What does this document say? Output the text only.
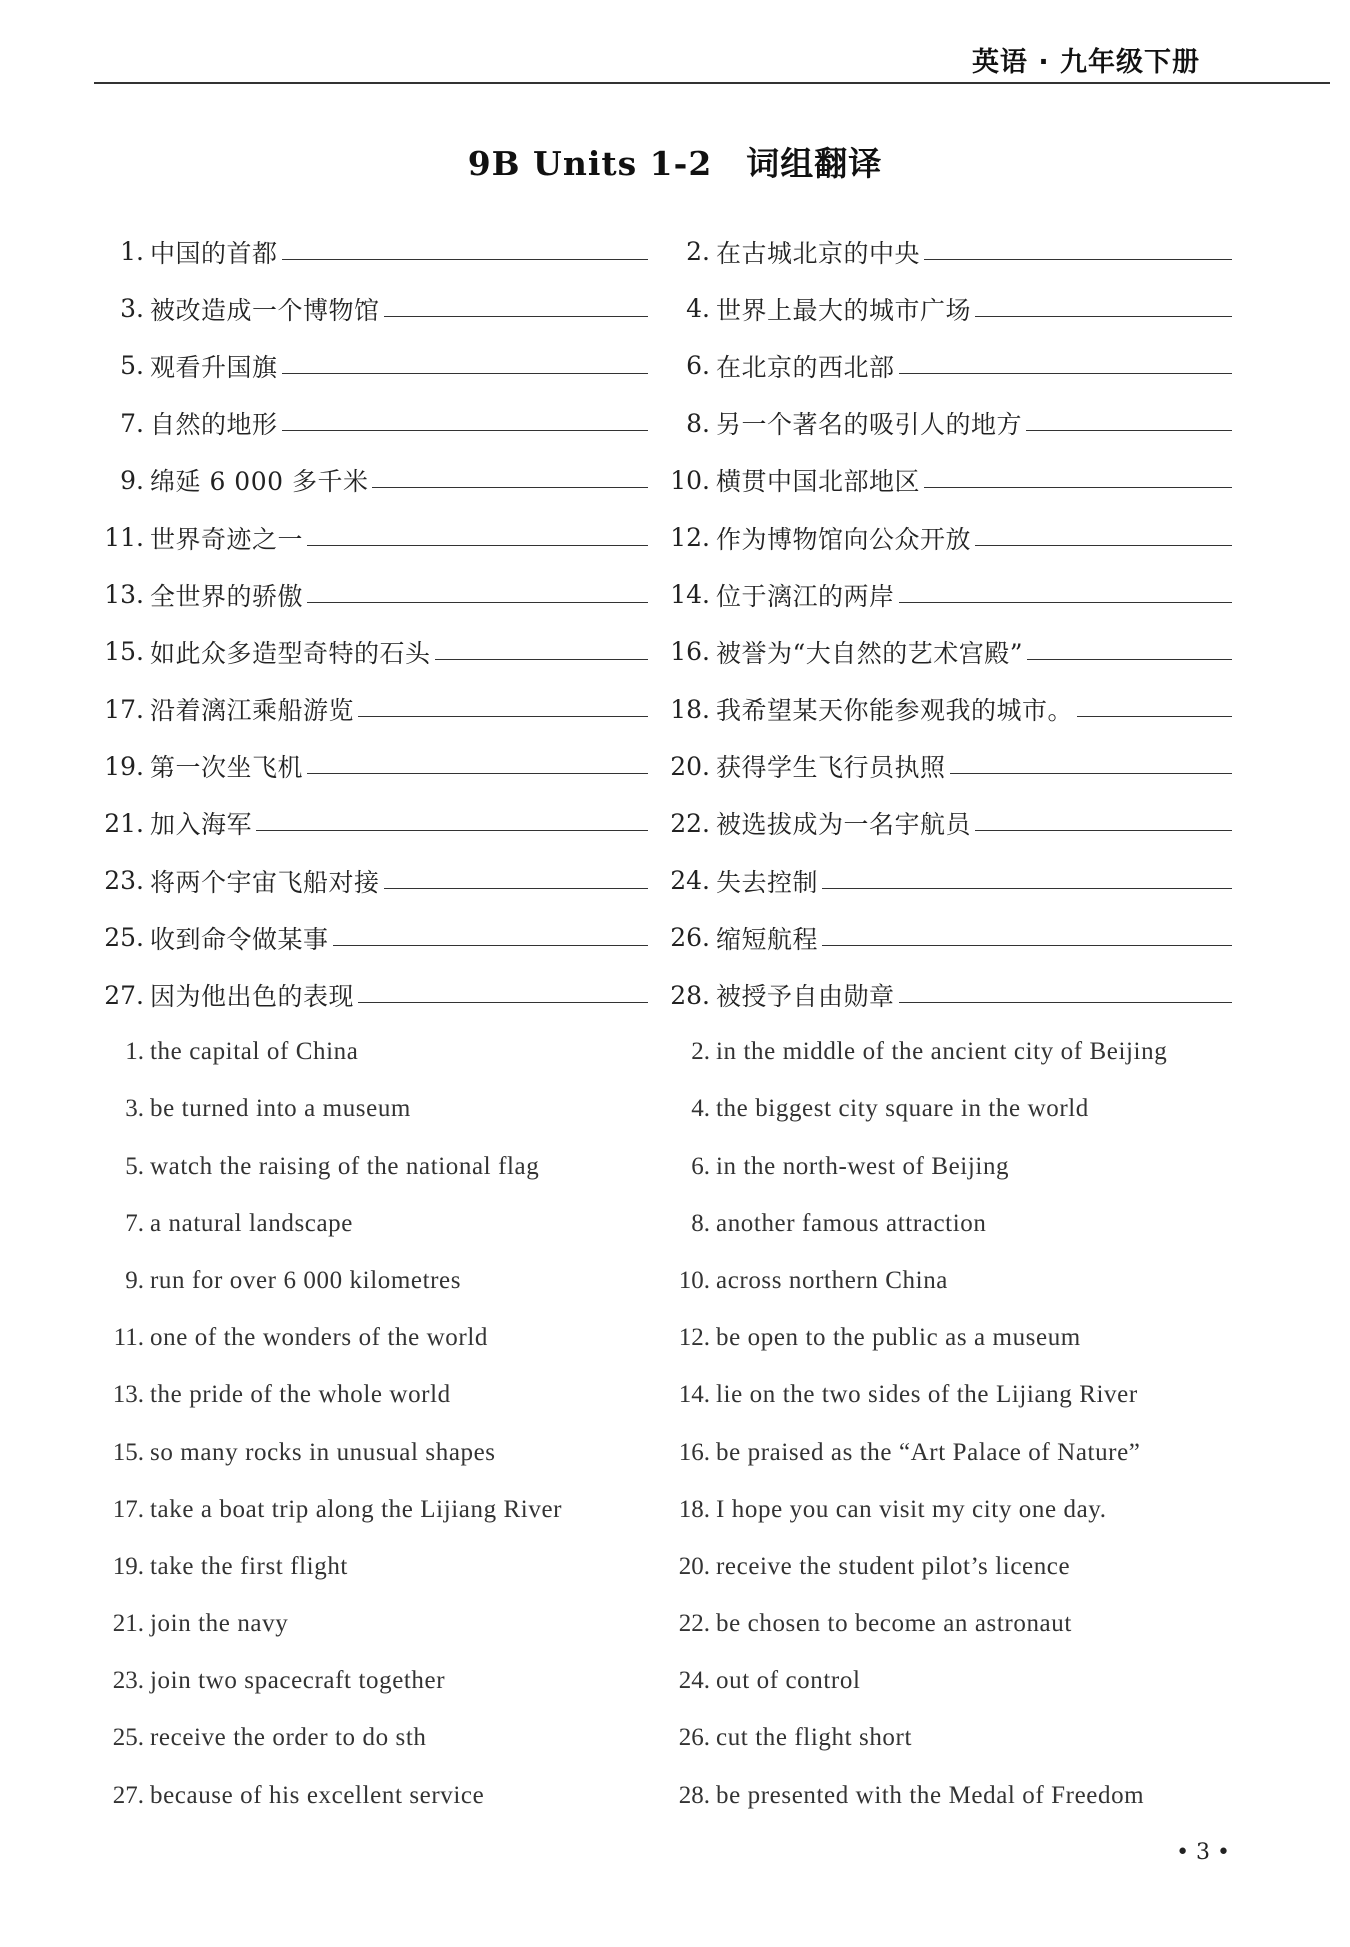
英语 · 九年级下册
9B Units 1-2　词组翻译
1. 中国的首都	2. 在古城北京的中央
3. 被改造成一个博物馆	4. 世界上最大的城市广场
5. 观看升国旗	6. 在北京的西北部
7. 自然的地形	8. 另一个著名的吸引人的地方
9. 绵延 6 000 多千米	10. 横贯中国北部地区
11. 世界奇迹之一	12. 作为博物馆向公众开放
13. 全世界的骄傲	14. 位于漓江的两岸
15. 如此众多造型奇特的石头	16. 被誉为“大自然的艺术宫殿”
17. 沿着漓江乘船游览	18. 我希望某天你能参观我的城市。
19. 第一次坐飞机	20. 获得学生飞行员执照
21. 加入海军	22. 被选拔成为一名宇航员
23. 将两个宇宙飞船对接	24. 失去控制
25. 收到命令做某事	26. 缩短航程
27. 因为他出色的表现	28. 被授予自由勋章
1. the capital of China	2. in the middle of the ancient city of Beijing
3. be turned into a museum	4. the biggest city square in the world
5. watch the raising of the national flag	6. in the north-west of Beijing
7. a natural landscape	8. another famous attraction
9. run for over 6 000 kilometres	10. across northern China
11. one of the wonders of the world	12. be open to the public as a museum
13. the pride of the whole world	14. lie on the two sides of the Lijiang River
15. so many rocks in unusual shapes	16. be praised as the “Art Palace of Nature”
17. take a boat trip along the Lijiang River	18. I hope you can visit my city one day.
19. take the first flight	20. receive the student pilot’s licence
21. join the navy	22. be chosen to become an astronaut
23. join two spacecraft together	24. out of control
25. receive the order to do sth	26. cut the flight short
27. because of his excellent service	28. be presented with the Medal of Freedom
• 3 •
